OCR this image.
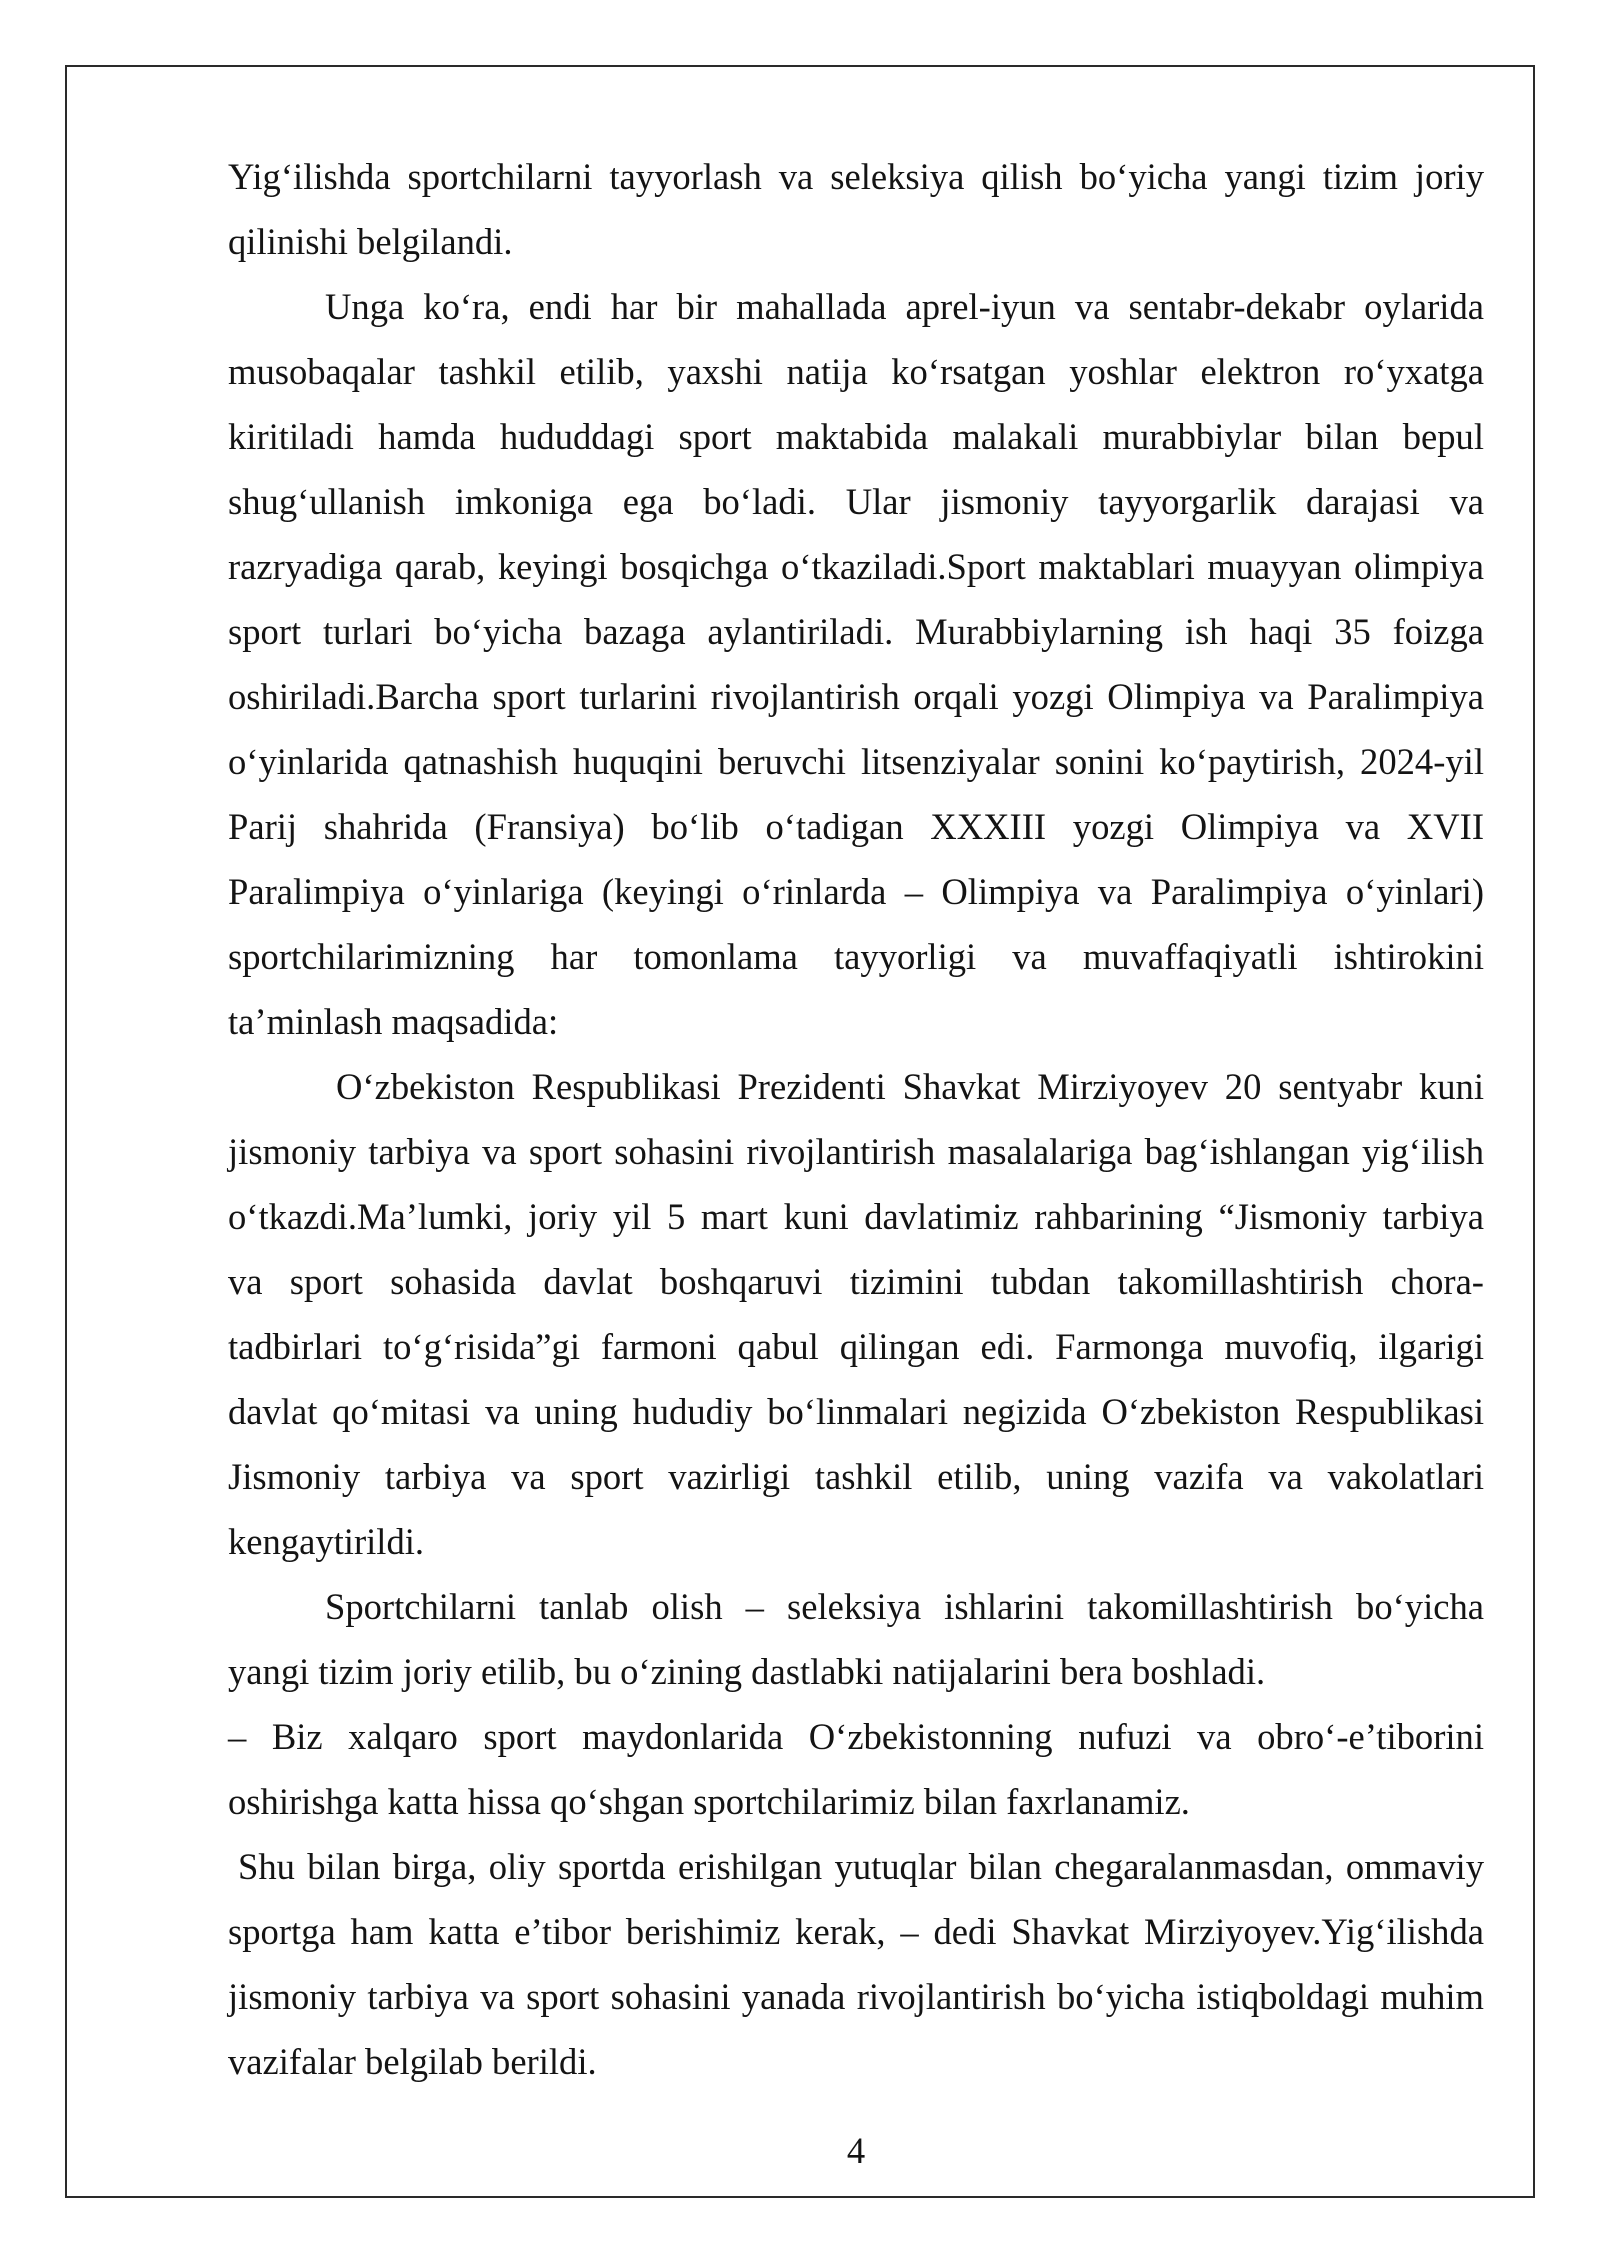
Yig‘ilishda sportchilarni tayyorlash va seleksiya qilish bo‘yicha yangi tizim joriy
qilinishi belgilandi.
Unga ko‘ra, endi har bir mahallada aprel-iyun va sentabr-dekabr oylarida
musobaqalar tashkil etilib, yaxshi natija ko‘rsatgan yoshlar elektron ro‘yxatga
kiritiladi hamda hududdagi sport maktabida malakali murabbiylar bilan bepul
shug‘ullanish imkoniga ega bo‘ladi. Ular jismoniy tayyorgarlik darajasi va
razryadiga qarab, keyingi bosqichga o‘tkaziladi.Sport maktablari muayyan olimpiya
sport turlari bo‘yicha bazaga aylantiriladi. Murabbiylarning ish haqi 35 foizga
oshiriladi.Barcha sport turlarini rivojlantirish orqali yozgi Olimpiya va Paralimpiya
o‘yinlarida qatnashish huquqini beruvchi litsenziyalar sonini ko‘paytirish, 2024-yil
Parij shahrida (Fransiya) bo‘lib o‘tadigan XXXIII yozgi Olimpiya va XVII
Paralimpiya o‘yinlariga (keyingi o‘rinlarda – Olimpiya va Paralimpiya o‘yinlari)
sportchilarimizning har tomonlama tayyorligi va muvaffaqiyatli ishtirokini
ta’minlash maqsadida:
O‘zbekiston Respublikasi Prezidenti Shavkat Mirziyoyev 20 sentyabr kuni
jismoniy tarbiya va sport sohasini rivojlantirish masalalariga bag‘ishlangan yig‘ilish
o‘tkazdi.Ma’lumki, joriy yil 5 mart kuni davlatimiz rahbarining “Jismoniy tarbiya
va sport sohasida davlat boshqaruvi tizimini tubdan takomillashtirish chora-
tadbirlari to‘g‘risida”gi farmoni qabul qilingan edi. Farmonga muvofiq, ilgarigi
davlat qo‘mitasi va uning hududiy bo‘linmalari negizida O‘zbekiston Respublikasi
Jismoniy tarbiya va sport vazirligi tashkil etilib, uning vazifa va vakolatlari
kengaytirildi.
Sportchilarni tanlab olish – seleksiya ishlarini takomillashtirish bo‘yicha
yangi tizim joriy etilib, bu o‘zining dastlabki natijalarini bera boshladi.
– Biz xalqaro sport maydonlarida O‘zbekistonning nufuzi va obro‘-e’tiborini
oshirishga katta hissa qo‘shgan sportchilarimiz bilan faxrlanamiz.
Shu bilan birga, oliy sportda erishilgan yutuqlar bilan chegaralanmasdan, ommaviy
sportga ham katta e’tibor berishimiz kerak, – dedi Shavkat Mirziyoyev.Yig‘ilishda
jismoniy tarbiya va sport sohasini yanada rivojlantirish bo‘yicha istiqboldagi muhim
vazifalar belgilab berildi.
4
